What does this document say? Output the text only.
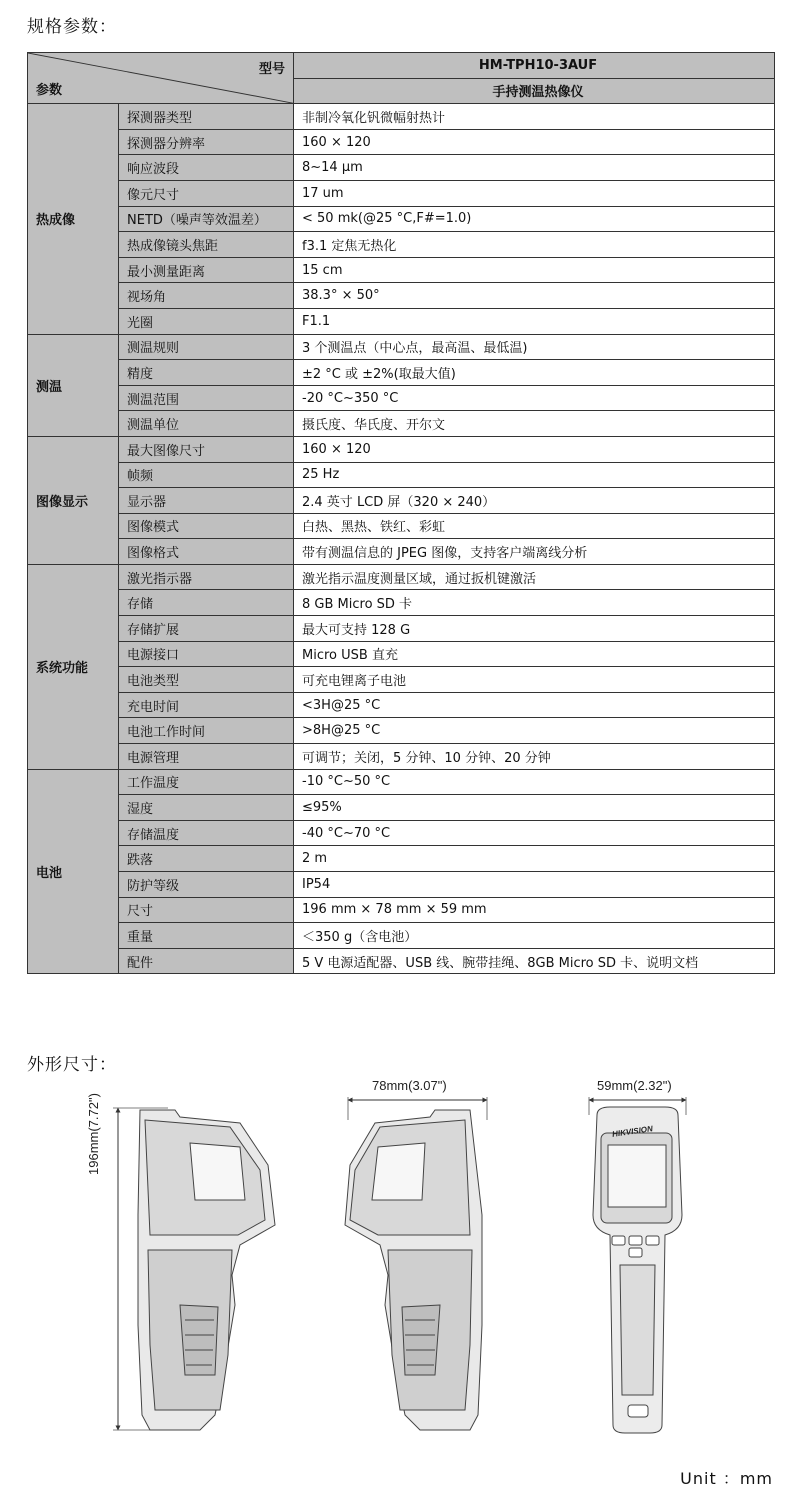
规格参数：
型号
参数		HM-TPH10-3AUF
		手持测温热像仪
热成像	探测器类型	非制冷氧化钒微幅射热计
	探测器分辨率	160 × 120
	响应波段	8~14 μm
	像元尺寸	17 um
	NETD（噪声等效温差）	< 50 mk(@25 °C,F#=1.0)
	热成像镜头焦距	f3.1 定焦无热化
	最小测量距离	15 cm
	视场角	38.3° × 50°
	光圈	F1.1
测温	测温规则	3 个测温点（中心点，最高温、最低温)
	精度	±2 °C 或 ±2%(取最大值)
	测温范围	-20 °C~350 °C
	测温单位	摄氏度、华氏度、开尔文
图像显示	最大图像尺寸	160 × 120
	帧频	25 Hz
	显示器	2.4 英寸 LCD 屏（320 × 240）
	图像模式	白热、黑热、铁红、彩虹
	图像格式	带有测温信息的 JPEG 图像，支持客户端离线分析
系统功能	激光指示器	激光指示温度测量区域，通过扳机键激活
	存储	8 GB Micro SD 卡
	存储扩展	最大可支持 128 G
	电源接口	Micro USB 直充
	电池类型	可充电锂离子电池
	充电时间	<3H@25 °C
	电池工作时间	>8H@25 °C
	电源管理	可调节；关闭，5 分钟、10 分钟、20 分钟
电池	工作温度	-10 °C~50 °C
	湿度	≤95%
	存储温度	-40 °C~70 °C
	跌落	2 m
	防护等级	IP54
	尺寸	196 mm × 78 mm × 59 mm
	重量	＜350 g（含电池）
	配件	5 V 电源适配器、USB 线、腕带挂绳、8GB Micro SD 卡、说明文档
外形尺寸：
196mm(7.72")
78mm(3.07")	59mm(2.32")
HIKVISION
Unit ：mm
